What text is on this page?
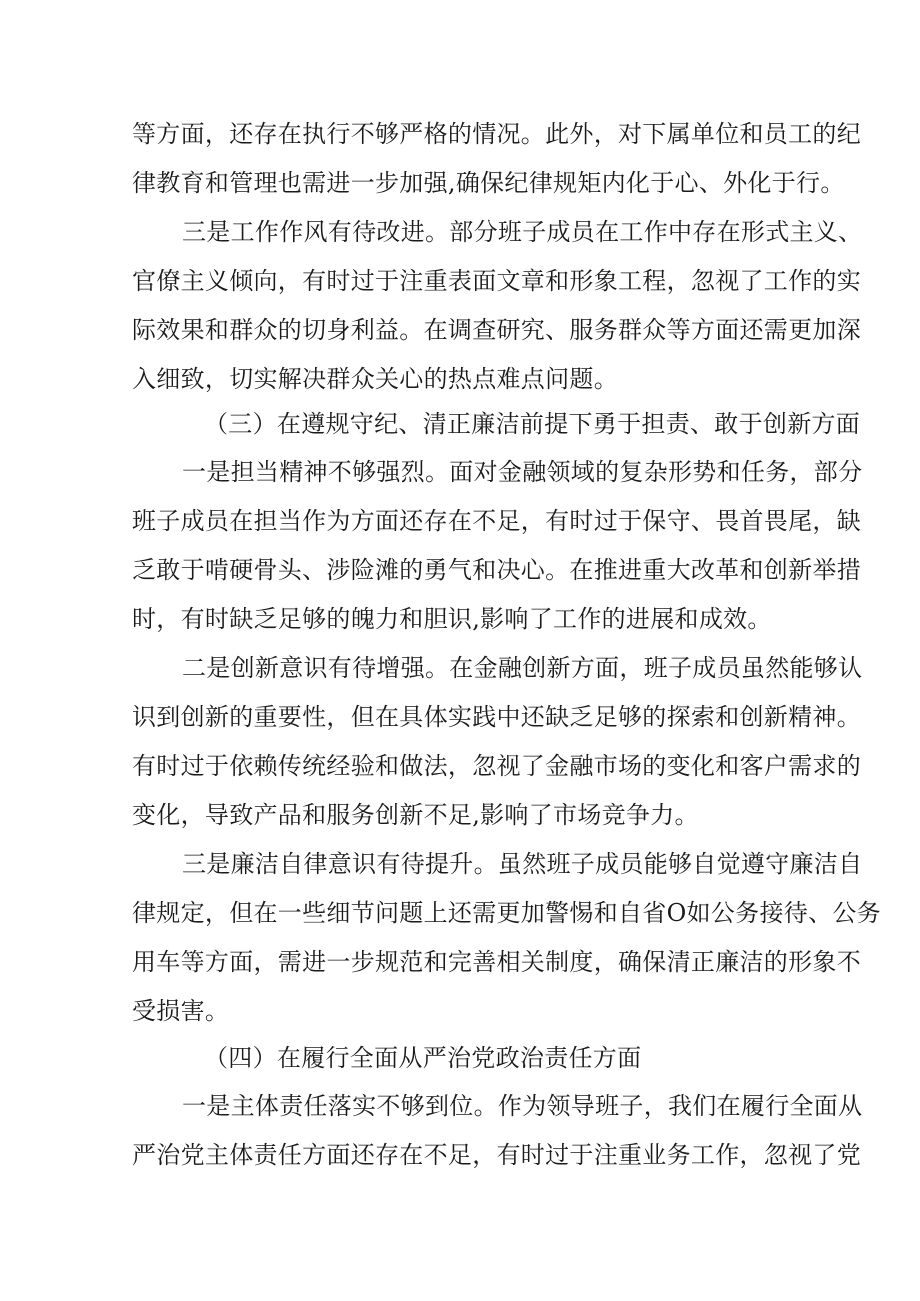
等方面，还存在执行不够严格的情况。此外，对下属单位和员工的纪
律教育和管理也需进一步加强,确保纪律规矩内化于心、外化于行。
三是工作作风有待改进。部分班子成员在工作中存在形式主义、
官僚主义倾向，有时过于注重表面文章和形象工程，忽视了工作的实
际效果和群众的切身利益。在调查研究、服务群众等方面还需更加深
入细致，切实解决群众关心的热点难点问题。
（三）在遵规守纪、清正廉洁前提下勇于担责、敢于创新方面
一是担当精神不够强烈。面对金融领域的复杂形势和任务，部分
班子成员在担当作为方面还存在不足，有时过于保守、畏首畏尾，缺
乏敢于啃硬骨头、涉险滩的勇气和决心。在推进重大改革和创新举措
时，有时缺乏足够的魄力和胆识,影响了工作的进展和成效。
二是创新意识有待增强。在金融创新方面，班子成员虽然能够认
识到创新的重要性，但在具体实践中还缺乏足够的探索和创新精神。
有时过于依赖传统经验和做法，忽视了金融市场的变化和客户需求的
变化，导致产品和服务创新不足,影响了市场竞争力。
三是廉洁自律意识有待提升。虽然班子成员能够自觉遵守廉洁自
律规定，但在一些细节问题上还需更加警惕和自省O如公务接待、公务
用车等方面，需进一步规范和完善相关制度，确保清正廉洁的形象不
受损害。
（四）在履行全面从严治党政治责任方面
一是主体责任落实不够到位。作为领导班子，我们在履行全面从
严治党主体责任方面还存在不足，有时过于注重业务工作，忽视了党
